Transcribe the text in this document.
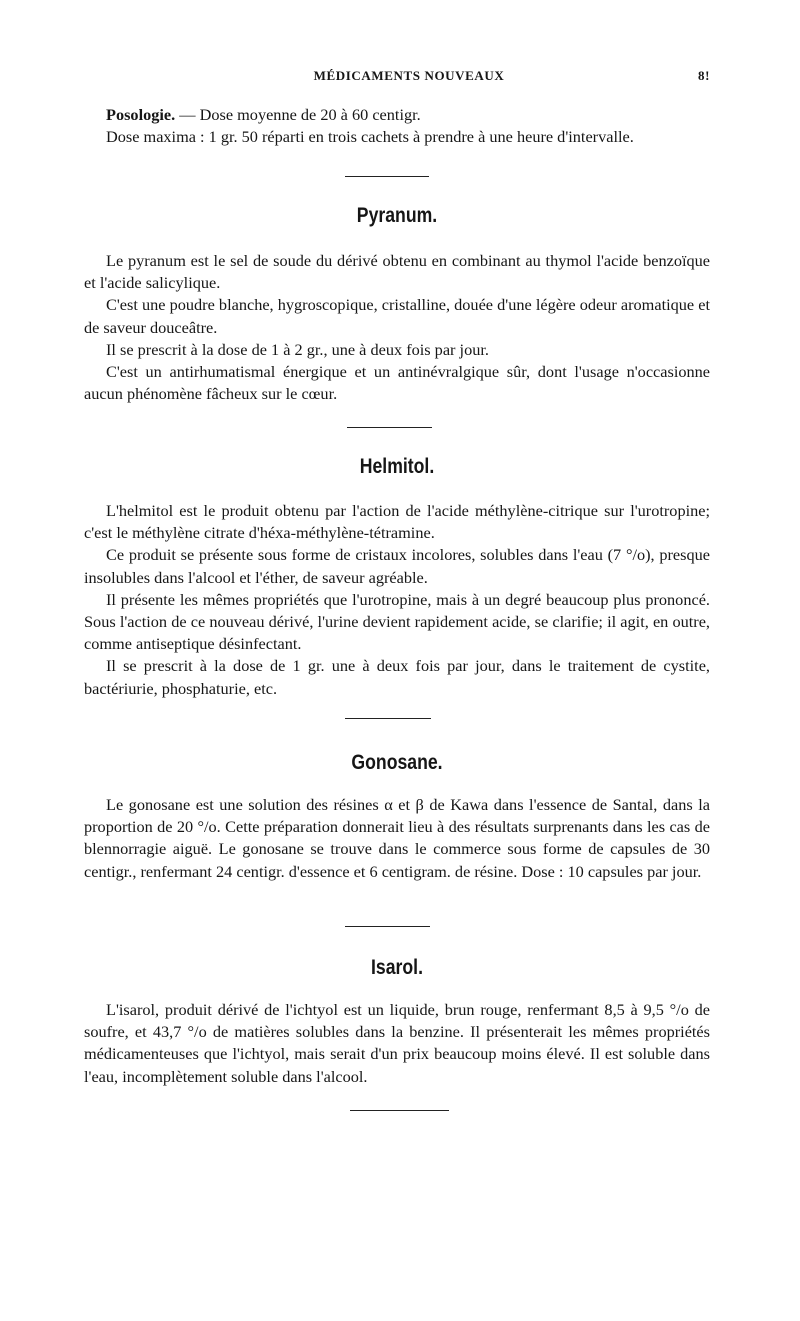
MÉDICAMENTS NOUVEAUX	8!

Posologie. — Dose moyenne de 20 à 60 centigr.

Dose maxima : 1 gr. 50 réparti en trois cachets à prendre à une heure d'intervalle.

Pyranum.

Le pyranum est le sel de soude du dérivé obtenu en combinant au thymol l'acide benzoïque et l'acide salicylique.

C'est une poudre blanche, hygroscopique, cristalline, douée d'une légère odeur aromatique et de saveur douceâtre.

Il se prescrit à la dose de 1 à 2 gr., une à deux fois par jour.

C'est un antirhumatismal énergique et un antinévralgique sûr, dont l'usage n'occasionne aucun phénomène fâcheux sur le cœur.

Helmitol.

L'helmitol est le produit obtenu par l'action de l'acide méthylène-citrique sur l'urotropine; c'est le méthylène citrate d'héxa-méthylène-tétramine.

Ce produit se présente sous forme de cristaux incolores, solubles dans l'eau (7 °/o), presque insolubles dans l'alcool et l'éther, de saveur agréable.

Il présente les mêmes propriétés que l'urotropine, mais à un degré beaucoup plus prononcé. Sous l'action de ce nouveau dérivé, l'urine devient rapidement acide, se clarifie; il agit, en outre, comme antiseptique désinfectant.

Il se prescrit à la dose de 1 gr. une à deux fois par jour, dans le traitement de cystite, bactériurie, phosphaturie, etc.

Gonosane.

Le gonosane est une solution des résines α et β de Kawa dans l'essence de Santal, dans la proportion de 20 °/o. Cette préparation donnerait lieu à des résultats surprenants dans les cas de blennorragie aiguë. Le gonosane se trouve dans le commerce sous forme de capsules de 30 centigr., renfermant 24 centigr. d'essence et 6 centigram. de résine. Dose : 10 capsules par jour.

Isarol.

L'isarol, produit dérivé de l'ichtyol est un liquide, brun rouge, renfermant 8,5 à 9,5 °/o de soufre, et 43,7 °/o de matières solubles dans la benzine. Il présenterait les mêmes propriétés médicamenteuses que l'ichtyol, mais serait d'un prix beaucoup moins élevé. Il est soluble dans l'eau, incomplètement soluble dans l'alcool.
